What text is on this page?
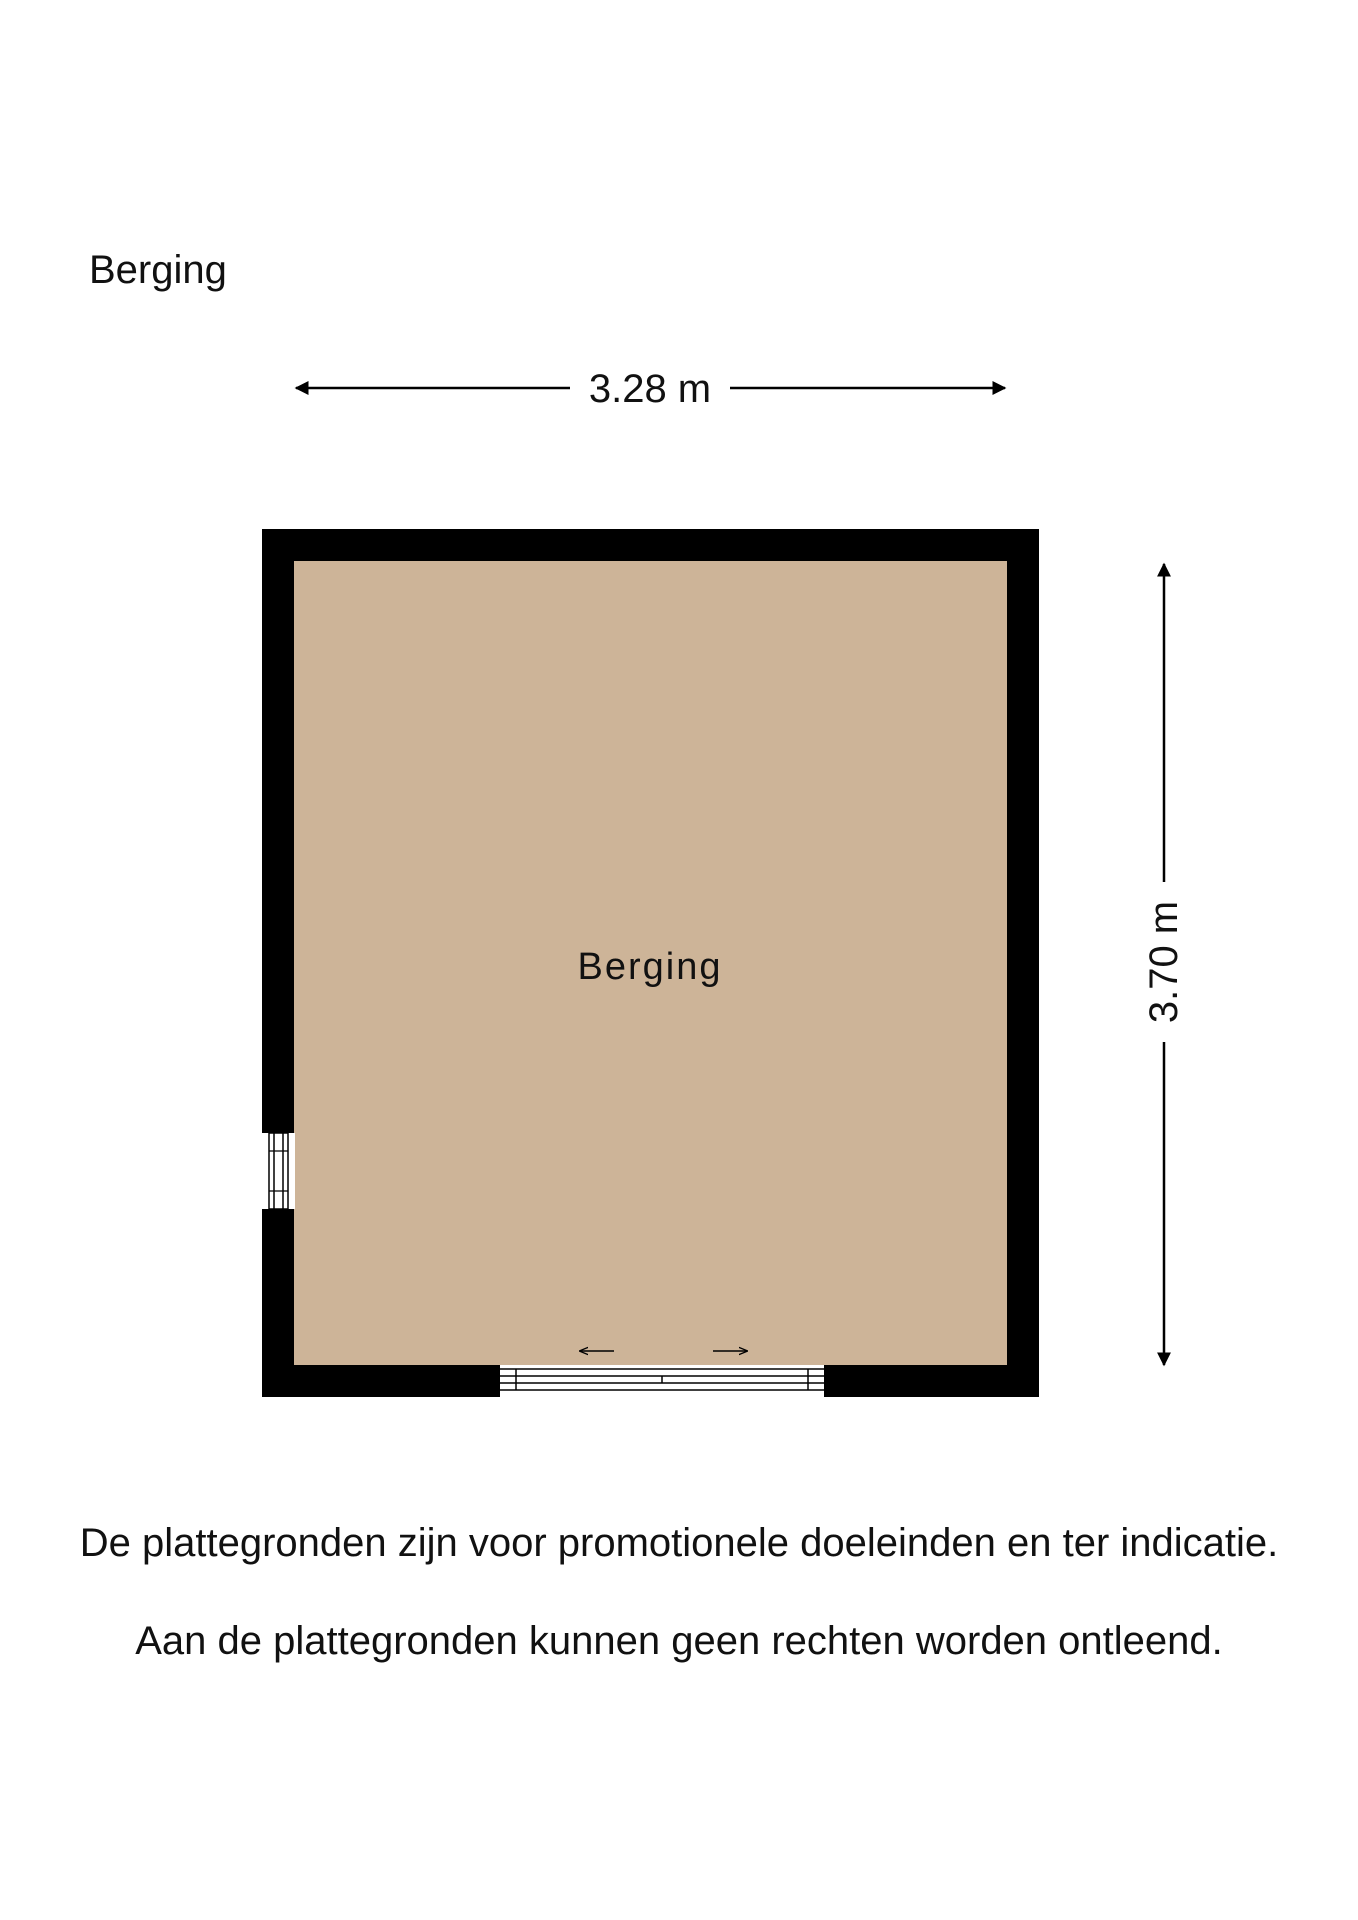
Berging
3.28 m
3.70 m
Berging
De plattegronden zijn voor promotionele doeleinden en ter indicatie.
Aan de plattegronden kunnen geen rechten worden ontleend.
